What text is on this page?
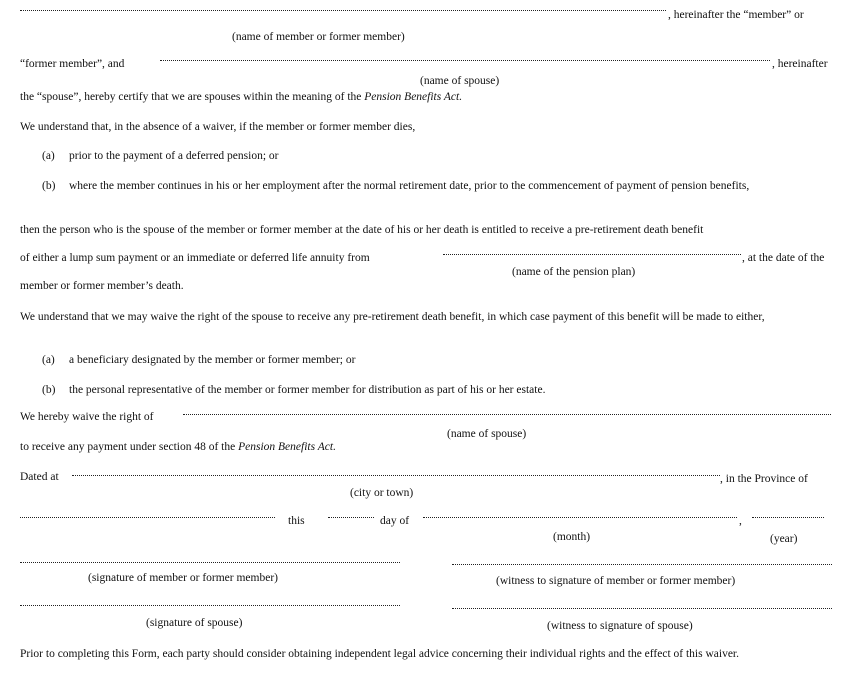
, hereinafter the “member” or
(name of member or former member)
“former member”, and	, hereinafter
(name of spouse)
the “spouse”, hereby certify that we are spouses within the meaning of the Pension Benefits Act.
We understand that, in the absence of a waiver, if the member or former member dies,
(a) prior to the payment of a deferred pension; or
(b) where the member continues in his or her employment after the normal retirement date, prior to the commencement of payment of pension benefits,
then the person who is the spouse of the member or former member at the date of his or her death is entitled to receive a pre-retirement death benefit
of either a lump sum payment or an immediate or deferred life annuity from	, at the date of the
(name of the pension plan)
member or former member’s death.
We understand that we may waive the right of the spouse to receive any pre-retirement death benefit, in which case payment of this benefit will be made to either,
(a) a beneficiary designated by the member or former member; or
(b) the personal representative of the member or former member for distribution as part of his or her estate.
We hereby waive the right of
(name of spouse)
to receive any payment under section 48 of the Pension Benefits Act.
Dated at	, in the Province of
(city or town)
this	day of	,
(month)	(year)
(signature of member or former member)	(witness to signature of member or former member)
(signature of spouse)	(witness to signature of spouse)
Prior to completing this Form, each party should consider obtaining independent legal advice concerning their individual rights and the effect of this waiver.
